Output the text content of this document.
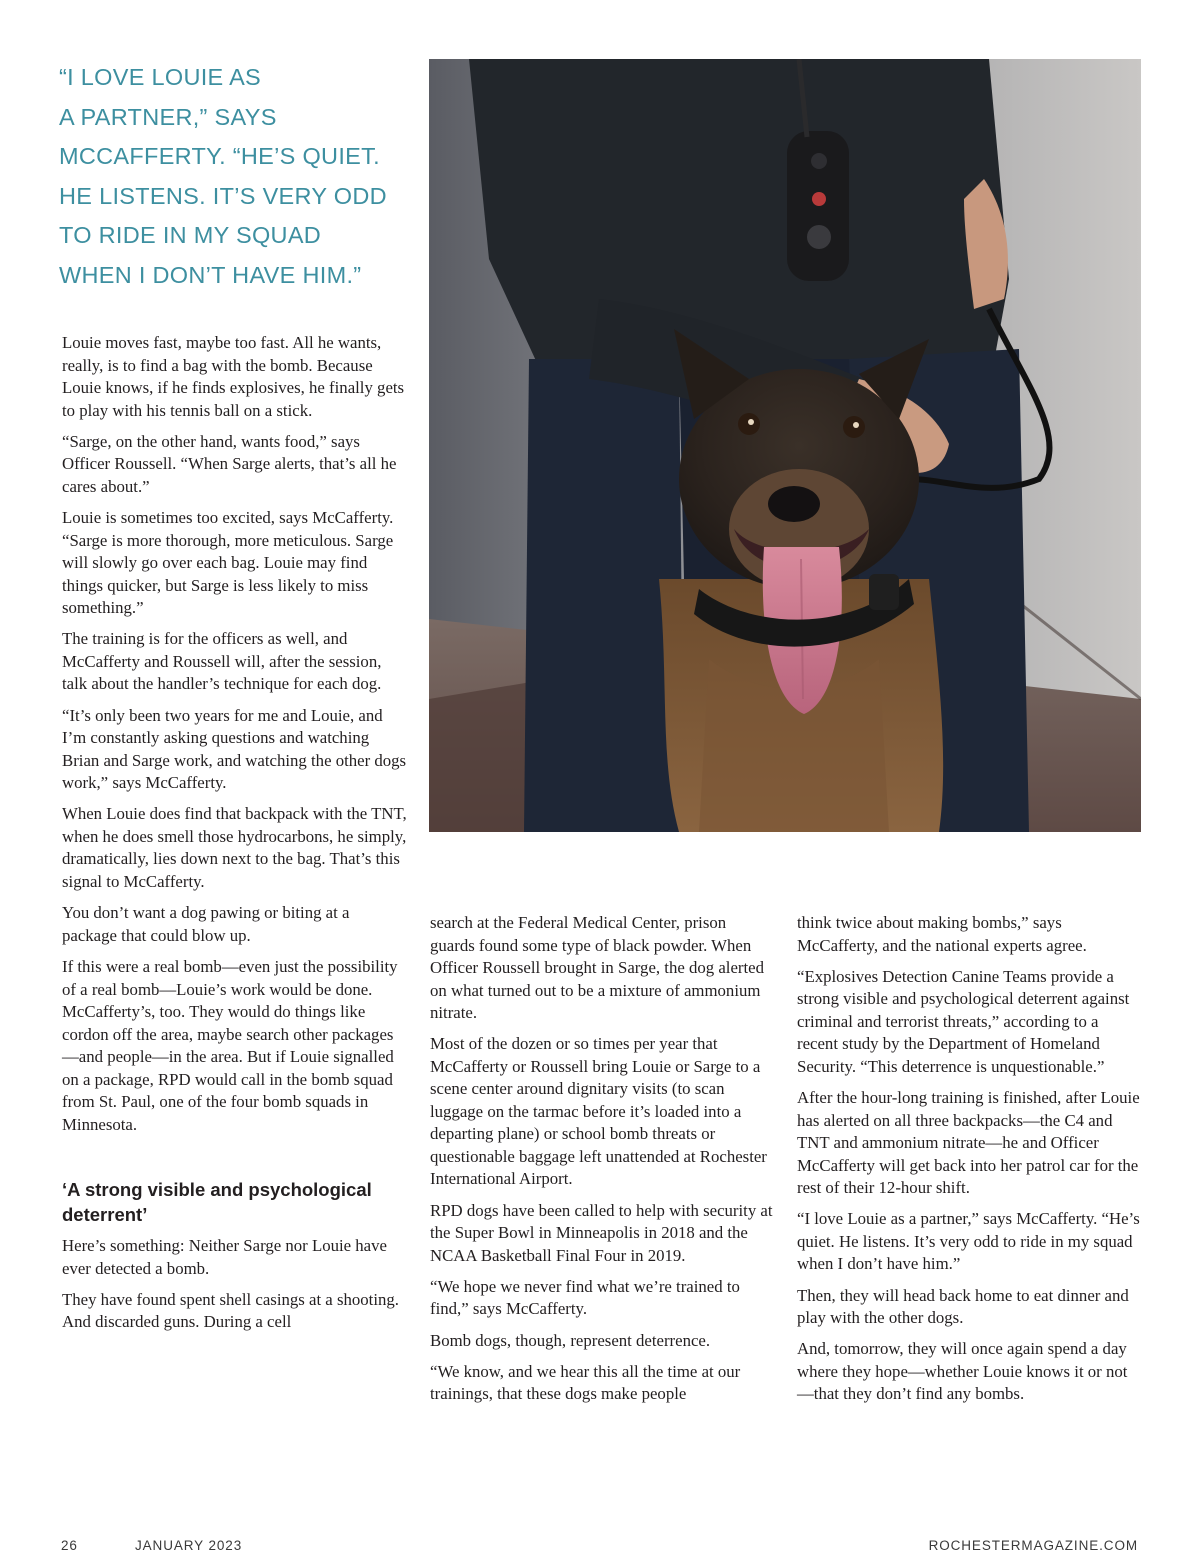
“I LOVE LOUIE AS
A PARTNER,” SAYS
MCCAFFERTY. “HE’S QUIET.
HE LISTENS. IT’S VERY ODD
TO RIDE IN MY SQUAD
WHEN I DON’T HAVE HIM.”

Louie moves fast, maybe too fast. All he wants, really, is to find a bag with the bomb. Because Louie knows, if he finds explosives, he finally gets to play with his tennis ball on a stick.

“Sarge, on the other hand, wants food,” says Officer Roussell. “When Sarge alerts, that’s all he cares about.”

Louie is sometimes too excited, says McCafferty. “Sarge is more thorough, more meticulous. Sarge will slowly go over each bag. Louie may find things quicker, but Sarge is less likely to miss something.”

The training is for the officers as well, and McCafferty and Roussell will, after the session, talk about the handler’s technique for each dog.

“It’s only been two years for me and Louie, and I’m constantly asking questions and watching Brian and Sarge work, and watching the other dogs work,” says McCafferty.

When Louie does find that backpack with the TNT, when he does smell those hydrocarbons, he simply, dramatically, lies down next to the bag. That’s this signal to McCafferty.

You don’t want a dog pawing or biting at a package that could blow up.

If this were a real bomb—even just the possibility of a real bomb—Louie’s work would be done. McCafferty’s, too. They would do things like cordon off the area, maybe search other packages—and people—in the area. But if Louie signalled on a package, RPD would call in the bomb squad from St. Paul, one of the four bomb squads in Minnesota.

‘A strong visible and psychological deterrent’

Here’s something: Neither Sarge nor Louie have ever detected a bomb.

They have found spent shell casings at a shooting. And discarded guns. During a cell

search at the Federal Medical Center, prison guards found some type of black powder. When Officer Roussell brought in Sarge, the dog alerted on what turned out to be a mixture of ammonium nitrate.

Most of the dozen or so times per year that McCafferty or Roussell bring Louie or Sarge to a scene center around dignitary visits (to scan luggage on the tarmac before it’s loaded into a departing plane) or school bomb threats or questionable baggage left unattended at Rochester International Airport.

RPD dogs have been called to help with security at the Super Bowl in Minneapolis in 2018 and the NCAA Basketball Final Four in 2019.

“We hope we never find what we’re trained to find,” says McCafferty.

Bomb dogs, though, represent deterrence.

“We know, and we hear this all the time at our trainings, that these dogs make people

think twice about making bombs,” says McCafferty, and the national experts agree.

“Explosives Detection Canine Teams provide a strong visible and psychological deterrent against criminal and terrorist threats,” according to a recent study by the Department of Homeland Security. “This deterrence is unquestionable.”

After the hour-long training is finished, after Louie has alerted on all three backpacks—the C4 and TNT and ammonium nitrate—he and Officer McCafferty will get back into her patrol car for the rest of their 12-hour shift.

“I love Louie as a partner,” says McCafferty. “He’s quiet. He listens. It’s very odd to ride in my squad when I don’t have him.”

Then, they will head back home to eat dinner and play with the other dogs.

And, tomorrow, they will once again spend a day where they hope—whether Louie knows it or not—that they don’t find any bombs.

26	JANUARY 2023	ROCHESTERMAGAZINE.COM
